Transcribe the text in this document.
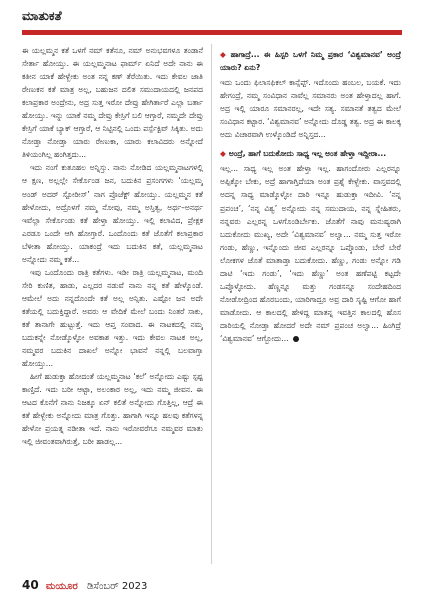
ಮಾತುಕತೆ

ಈ ಯಲ್ಲಮ್ಮನ ಕತೆ ಒಳಗೆ ನಮ್ ಕತೆನೂ, ನಮ್ ಅನುಭವಗಳೂ ತಂಡಾನೆ ಸೇರ್ತಾ ಹೋಯ್ತು. ಈ ಯಲ್ಲಮ್ಮನಾಟ ಫಾರ್ಮ್ ಏನಿದೆ ಅದೇ ನಾನು ಈ ಕತೀನ ಯಾಕೆ ಹೇಳ್ಬೇಕು ಅಂತ ನನ್ನ ಕಣ್ ತೆರೆಯಿತು. ಇದು ಕೇವಲ ಜಾತಿ ರೇಣುಕನ ಕತೆ ಮಾತ್ರ ಅಲ್ಲ, ಬಹುಜನ ದಲಿತ ಸಮುದಾಯದಲ್ಲಿ ಜನಪದ ಕಲಾಪ್ರಕಾರ ಅಂದ್ರೇನು, ಅದ್ರ ಸುತ್ತ ಇರೋ ದೇವ್ರು ಹೇಗಿರ್ತಾರೆ ಎಲ್ಲಾ ಬರ್ತಾ ಹೋಯ್ತು. ಇನ್ನು ಯಾಕೆ ನಮ್ಮ ದೇವ್ರು ಕೇಸ್ರಿಗೆ ಬಲಿ ಆಗ್ತಾರೆ, ನಮ್ಮದೇ ದೇವ್ರು ಕೇಸ್ರಿಗೆ ಯಾಕೆ ಬ್ಯಾಕ್ ಆಗ್ತಾರೆ, ಆ ನಿಟ್ಟಿನಲ್ಲಿ ಒಂದು ಪರ್ಸ್ಪೆಕ್ಟಿವ್ ಸಿಕ್ಕಿತು. ಅದು ನೋಡ್ತಾ ನೋಡ್ತಾ ಯಾರು ರೇಣುಕಾ, ಯಾರು ಕಲಾವಿದರು ಅನ್ನೋದೆ ತಿಳಿಯಂಗಿಲ್ಲ ಹಂಗಿತ್ತದು...

ಇದು ನಂಗೆ ಕುತೂಹಲ ಅನ್ನಿಸ್ತು. ನಾನು ನೋಡಿದ ಯಲ್ಲಮ್ಮನಾಟಗಳಲ್ಲಿ ಆ ಕ್ಷಣ, ಅಲ್ಲಲ್ಲೇ ಸೇರ್ಕೊಂಡ ಜನ, ಬದುಕಿನ ಪ್ರಸಂಗಗಳು ‘ಯಲ್ಲಮ್ಮ ಅಂಡ್ ಅದರ್ ಸ್ಟೋರೀಸ್’ ನಾಗ ಪ್ರೊಜೆಕ್ಟ್ ಹೋಯ್ತು. ಯಲ್ಲಮ್ಮನ ಕತೆ ಹೇಳೋದು, ಅದ್ರೊಳಗೆ ನಮ್ಮ ನೋವು, ನಮ್ಮ ಅಸ್ತಿತ್ವ, ಅರ್ಥ–ಅನರ್ಥ ಇವೆಲ್ಲಾ ಸೇರ್ಕೊಂಡು ಕತೆ ಹೇಳ್ತಾ ಹೋಯ್ತು. ಇಲ್ಲಿ ಕಲಾವಿದ, ಪ್ರೇಕ್ಷಕ ಎರಡೂ ಒಂದೇ ಆಗಿ ಹೋಗ್ತಾರೆ. ಒಂದೊಂದು ಕತೆ ಜೊತೆಗೆ ಕಲಾಪ್ರಕಾರ ಬೆಳೀತಾ ಹೋಯ್ತು. ಯಾಕಂದ್ರೆ ಇದು ಬದುಕಿನ ಕತೆ, ಯಲ್ಲಮ್ಮನಾಟ ಅನ್ನೋದು ನಮ್ಮ ಕತೆ...

ಇವು ಒಂದೊಂದು ರಾತ್ರಿ ಕತೆಗಳು. ಇಡೀ ರಾತ್ರಿ ಯಲ್ಲಮ್ಮನಾಟ, ಮಂದಿ ಸೇರಿ ಕುಣಿತ, ಹಾಡು, ಎಲ್ಲದರ ನಡುವೆ ನಾನು ನನ್ನ ಕತೆ ಹೇಳ್ಕೊಂಡೆ. ಆಮೇಲೆ ಅದು ನನ್ನದೊಂದೇ ಕತೆ ಅಲ್ಲ ಅನ್ಸಿತು. ಎಷ್ಟೋ ಜನ ಅದೇ ಕತೆಯಲ್ಲಿ ಬದುಕ್ತಿದ್ದಾರೆ. ಅವರು ಆ ವೇದಿಕೆ ಮೇಲೆ ಬಂದು ನಿಂತರೆ ಸಾಕು, ಕತೆ ತಾನಾಗೇ ಹುಟ್ಟುತ್ತೆ. ಇದು ಆಪ್ತ ಸಂವಾದ. ಈ ನಾಟಕದಲ್ಲಿ ನಮ್ಮ ಬದುಕನ್ನೇ ನೋಡ್ಕೊಳ್ಳೋ ಅವಕಾಶ ಇತ್ತು. ಇದು ಕೇವಲ ನಾಟಕ ಅಲ್ಲ, ನಮ್ಮವರ ಬದುಕಿನ ದಾಖಲೆ ಅನ್ನೋ ಭಾವನೆ ನನ್ನಲ್ಲಿ ಬಲವಾಗ್ತಾ ಹೋಯ್ತು...

ಹೀಗೆ ಹುಡುಕ್ತಾ ಹೋದಂತೆ ಯಲ್ಲಮ್ಮನಾಟ ‘ಕಲೆ’ ಅನ್ನೋದು ಎಷ್ಟು ಸ್ಪಷ್ಟ ಕಾಣ್ತಿದೆ. ಇದು ಬರೀ ಆಟ್ಟಾ, ಅಲಂಕಾರ ಅಲ್ಲ, ಇದು ನಮ್ಮ ಜೀವನ. ಈ ಆಟದ ಕೊನೆಗೆ ನಾನು ನಿಜಕ್ಕೂ ಏನ್ ಕಲಿತೆ ಅನ್ನೋದು ಗೊತ್ತಿಲ್ಲ, ಆದ್ರೆ ಈ ಕತೆ ಹೇಳ್ಬೇಕು ಅನ್ನೋದು ಮಾತ್ರ ಗೊತ್ತು. ಹಾಗಾಗಿ ಇನ್ನೂ ಹಲವು ಕತೆಗಳನ್ನ ಹೇಳೋ ಪ್ರಯತ್ನ ನಡೀತಾ ಇದೆ. ನಾನು ಇರೋವರೆಗೂ ನಮ್ಮವರ ಮಾತು ಇಲ್ಲಿ ಜೀವಂತವಾಗಿರುತ್ತೆ, ಬರೀ ಹಾಡಲ್ಲ...

◆ ಹಾಗಾದ್ರೆ... ಈ ಹಿಸ್ಟರಿ ಒಳಗೆ ನಿಮ್ಮ ಪ್ರಕಾರ ‘ವಿಶ್ವಮಾನವ’ ಅಂದ್ರೆ ಯಾರು? ಏನು?

ಇದು ಒಂದು ಫಿಲಾಸಫಿಕಲ್ ಕಾನ್ಸೆಪ್ಟ್. ಇದೊಂದು ಹಂಬಲ, ಬಯಕೆ. ಇದು ಹೇಗಂದ್ರೆ, ನಮ್ಮ ಸಂವಿಧಾನ ನಾವೆಲ್ಲ ಸಮಾನರು ಅಂತ ಹೇಳ್ತಾದಲ್ಲ ಹಾಗೆ. ಅದ್ರ ಇಲ್ಲಿ ಯಾರೂ ಸಮಾನರಲ್ಲ, ಇದೇ ಸತ್ಯ. ಸಮಾನತೆ ತತ್ವದ ಮೇಲೆ ಸಂವಿಧಾನ ಕಟ್ಟಾರ. ‘ವಿಶ್ವಮಾನವ’ ಅನ್ನೋದು ದೊಡ್ಡ ತತ್ವ. ಅದ್ರ ಈ ಕಾಲಕ್ಕ ಅದು ವಿಚಾರವಾಗಿ ಉಳ್ಕೊಂಡಿದೆ ಅನ್ನಿಸ್ತದ...

◆ ಅಂದ್ರೆ, ಹಾಗೆ ಬದುಕೋದು ಸಾಧ್ಯ ಇಲ್ಲ ಅಂತ ಹೇಳ್ತಾ ಇದ್ದೀರಾ...

ಇಲ್ಲ... ಸಾಧ್ಯ ಇಲ್ಲ ಅಂತ ಹೇಳ್ತಾ ಇಲ್ಲ. ಹಾಗಂದೋರು ಎಲ್ಲರನ್ನೂ ಅಪ್ಪಿಕ್ಕೋ ಬೇಕು, ಅದ್ರೆ ಹಾಗಾಗ್ತಿದೆಯಾ ಅಂತ ಪ್ರಶ್ನೆ ಕೇಳ್ಬೇಕು. ವಾಸ್ತವದಲ್ಲಿ ಅದನ್ನ ಸಾಧ್ಯ ಮಾಡ್ಕೊಳ್ಳೋ ದಾರಿ ಇನ್ನೂ ಹುಡುಕ್ತಾ ಇದೀವಿ. ‘ನನ್ನ ಪ್ರಪಂಚ’, ‘ನನ್ನ ವಿಶ್ವ’ ಅನ್ನೋದು ನನ್ನ ಸಮುದಾಯ, ನನ್ನ ಸ್ನೇಹಿತರು, ನನ್ನವರು ಎಲ್ಲರನ್ನ ಒಳಗೊಂಡಿರ್ಬೇಕು. ಜೊತೆಗೆ ನಾವು ಮನುಷ್ಯರಾಗಿ ಬದುಕೋದು ಮುಖ್ಯ, ಅದೇ ‘ವಿಶ್ವಮಾನವ’ ಅಲ್ವಾ... ನಮ್ಮ ಸುತ್ತ ಇರೋ ಗಂಡು, ಹೆಣ್ಣು, ಇನ್ನೊಂದು ಜೀವ ಎಲ್ಲರನ್ನೂ ಒಪ್ಕೊಂಡು, ಬೇರೆ ಬೇರೆ ಲೋಕಗಳ ಜೊತೆ ಮಾತಾಡ್ತಾ ಬದುಕೋದು. ಹೆಣ್ಣು, ಗಂಡು ಅನ್ನೋ ಗಡಿ ದಾಟಿ ‘ಇದು ಗಂಡು’, ‘ಇದು ಹೆಣ್ಣು’ ಅಂತ ಹಣೆಪಟ್ಟಿ ಕಟ್ಟದೇ ಒಪ್ಕೊಳ್ಳೋದು. ಹೆಣ್ಣನ್ನೂ ಮತ್ತು ಗಂಡಸನ್ನೂ ಸಂದೇಹದಿಂದ ನೋಡೋದ್ರಿಂದ ಹೊರಬಂದು, ಯಾರಿಗಾದ್ರೂ ಅವ್ರ ದಾರಿ ಸೃಷ್ಟಿ ಆಗೋ ಹಾಗೆ ಮಾಡೋದು. ಆ ಕಾಲದಲ್ಲಿ ಹೇಳಿದ್ದ ಮಾತನ್ನ ಇವತ್ತಿನ ಕಾಲದಲ್ಲಿ ಹೊಸ ದಾರಿಯಲ್ಲಿ ನೋಡ್ತಾ ಹೋದರೆ ಅದೇ ನಮ್ ಪ್ರಪಂಚ ಅಲ್ವಾ... ಹಿಂಗಿದ್ರೆ ‘ವಿಶ್ವಮಾನವ’ ಆಗ್ಬೋದು...

40 ಮಯೂರ ಡಿಸೆಂಬರ್ 2023
